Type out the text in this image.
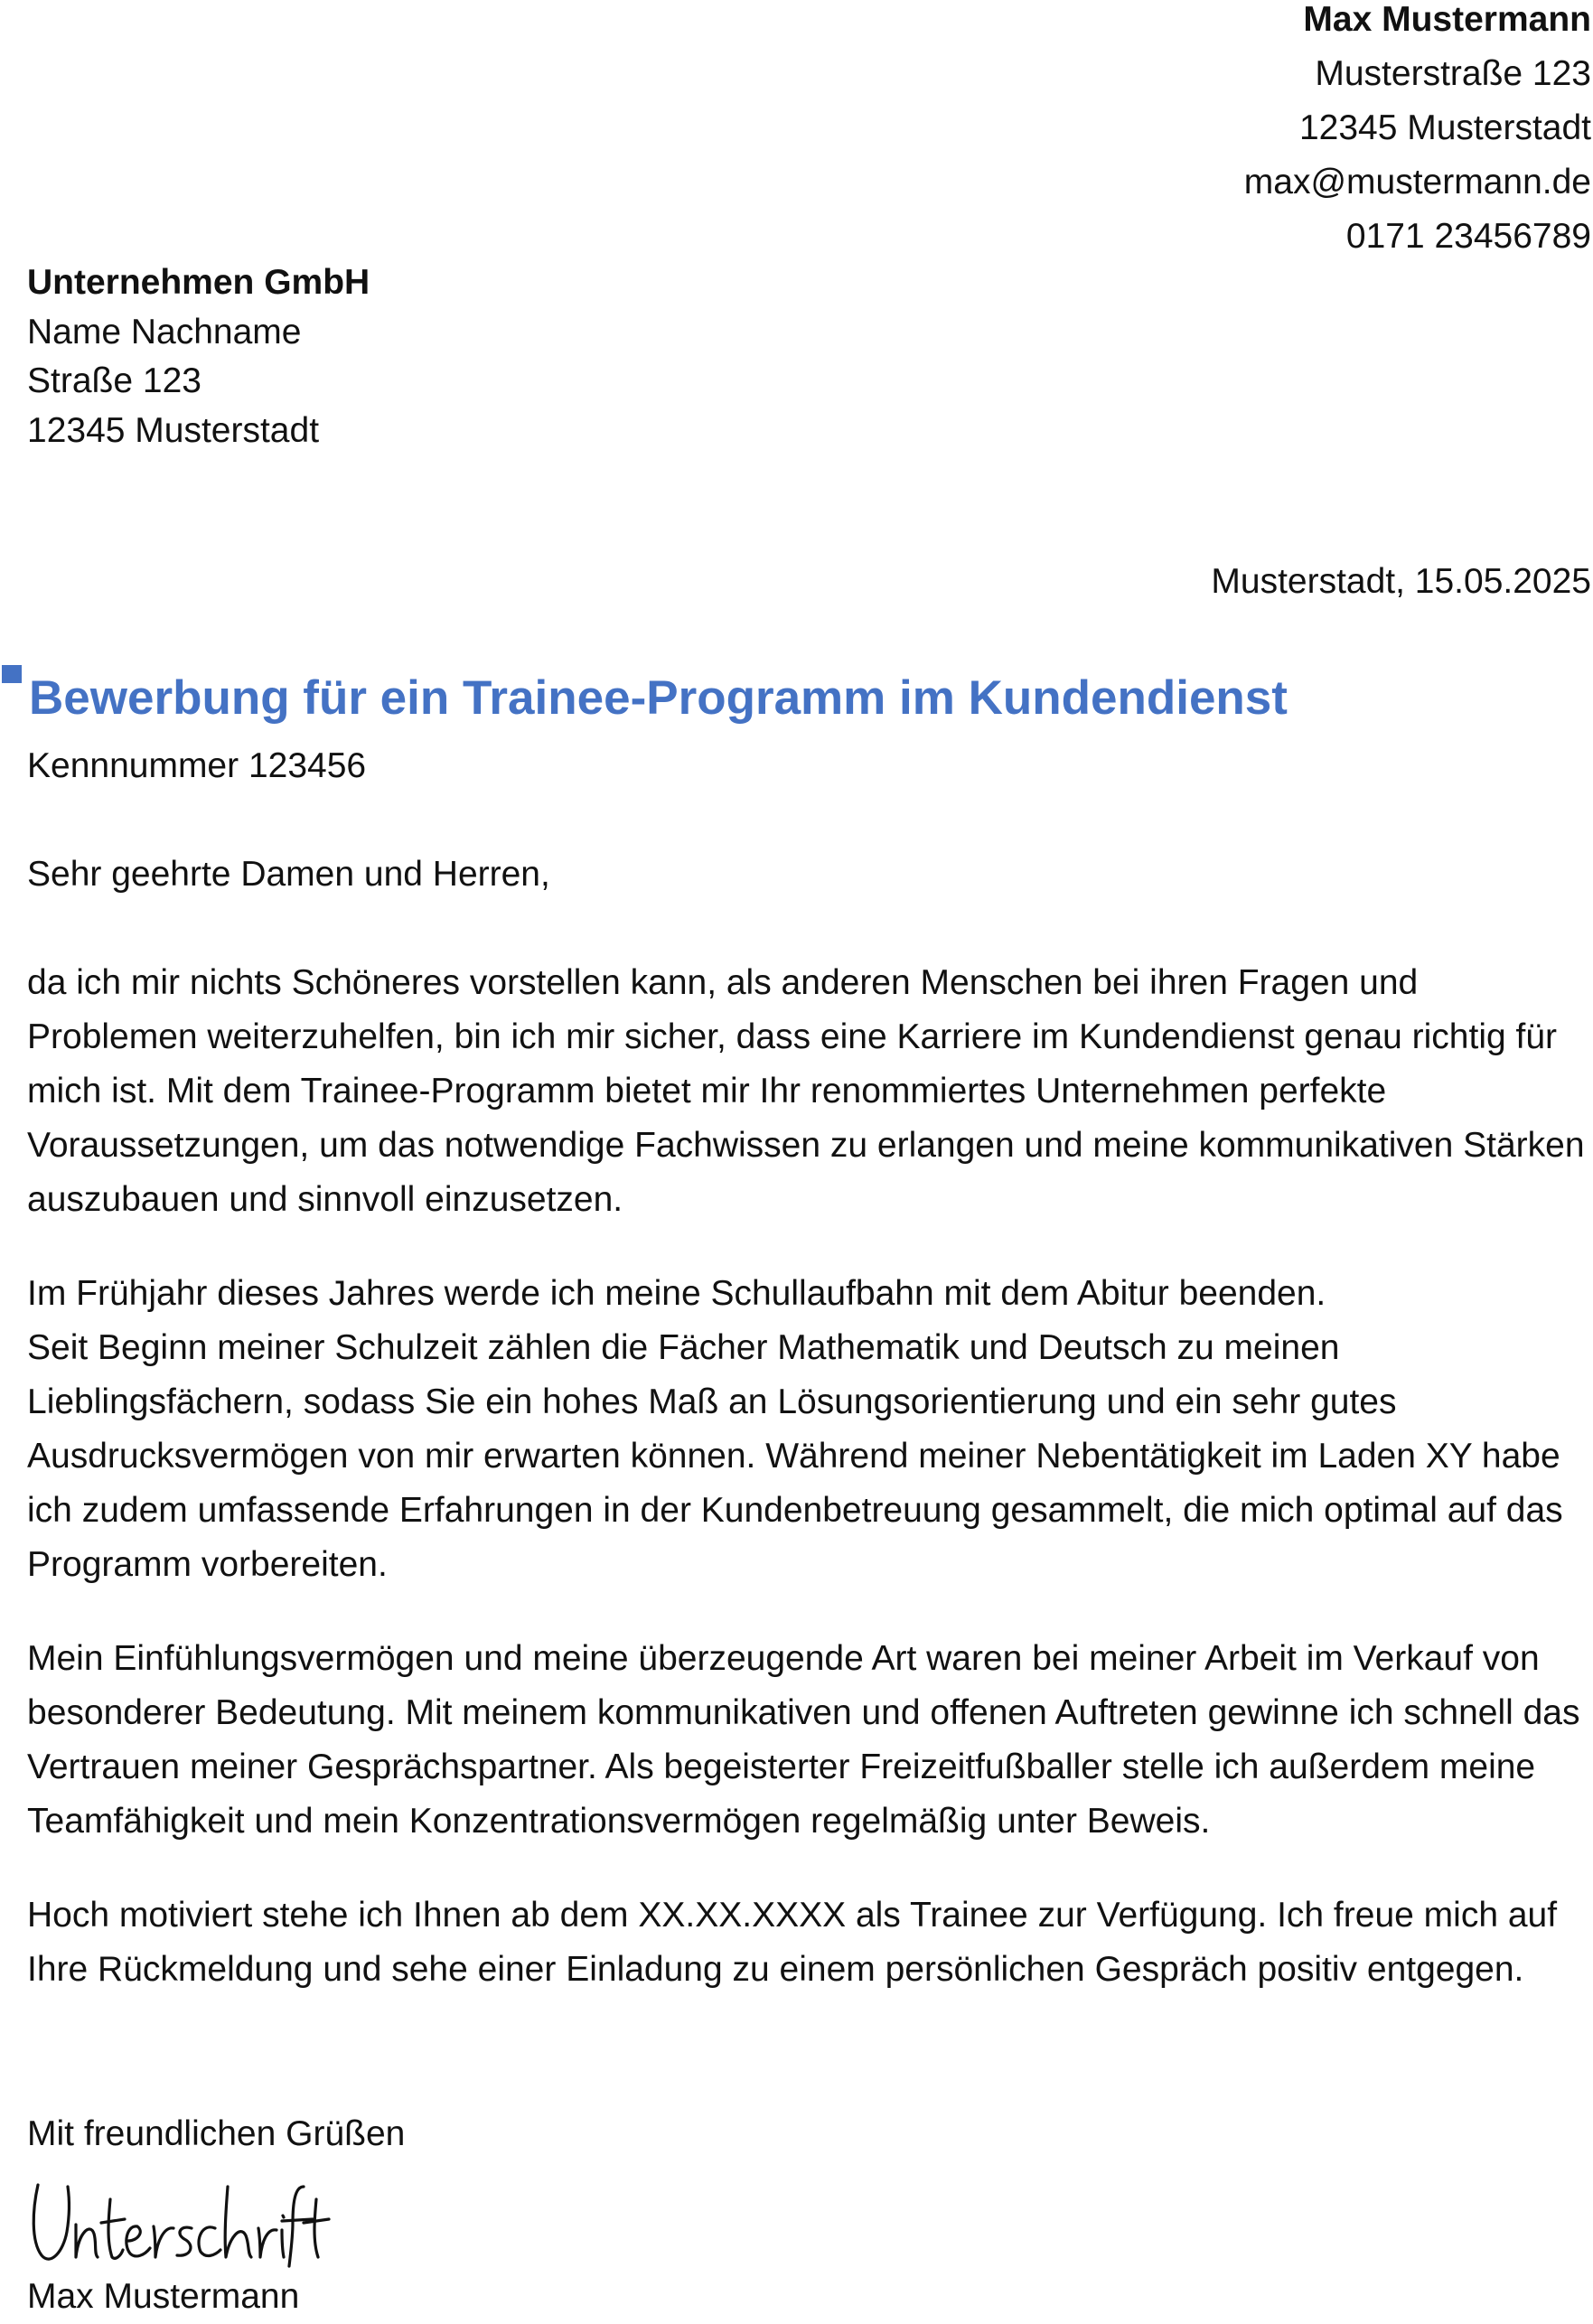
Max Mustermann
Musterstraße 123
12345 Musterstadt
max@mustermann.de
0171 23456789
Unternehmen GmbH
Name Nachname
Straße 123
12345 Musterstadt
Musterstadt, 15.05.2025
Bewerbung für ein Trainee-Programm im Kundendienst
Kennnummer 123456

Sehr geehrte Damen und Herren,

da ich mir nichts Schöneres vorstellen kann, als anderen Menschen bei ihren Fragen und Problemen weiterzuhelfen, bin ich mir sicher, dass eine Karriere im Kundendienst genau richtig für mich ist. Mit dem Trainee-Programm bietet mir Ihr renommiertes Unternehmen perfekte Voraussetzungen, um das notwendige Fachwissen zu erlangen und meine kommunikativen Stärken auszubauen und sinnvoll einzusetzen.

Im Frühjahr dieses Jahres werde ich meine Schullaufbahn mit dem Abitur beenden.
Seit Beginn meiner Schulzeit zählen die Fächer Mathematik und Deutsch zu meinen Lieblingsfächern, sodass Sie ein hohes Maß an Lösungsorientierung und ein sehr gutes Ausdrucksvermögen von mir erwarten können. Während meiner Nebentätigkeit im Laden XY habe ich zudem umfassende Erfahrungen in der Kundenbetreuung gesammelt, die mich optimal auf das Programm vorbereiten.

Mein Einfühlungsvermögen und meine überzeugende Art waren bei meiner Arbeit im Verkauf von besonderer Bedeutung. Mit meinem kommunikativen und offenen Auftreten gewinne ich schnell das Vertrauen meiner Gesprächspartner. Als begeisterter Freizeitfußballer stelle ich außerdem meine Teamfähigkeit und mein Konzentrationsvermögen regelmäßig unter Beweis.

Hoch motiviert stehe ich Ihnen ab dem XX.XX.XXXX als Trainee zur Verfügung. Ich freue mich auf Ihre Rückmeldung und sehe einer Einladung zu einem persönlichen Gespräch positiv entgegen.

Mit freundlichen Grüßen
Max Mustermann
